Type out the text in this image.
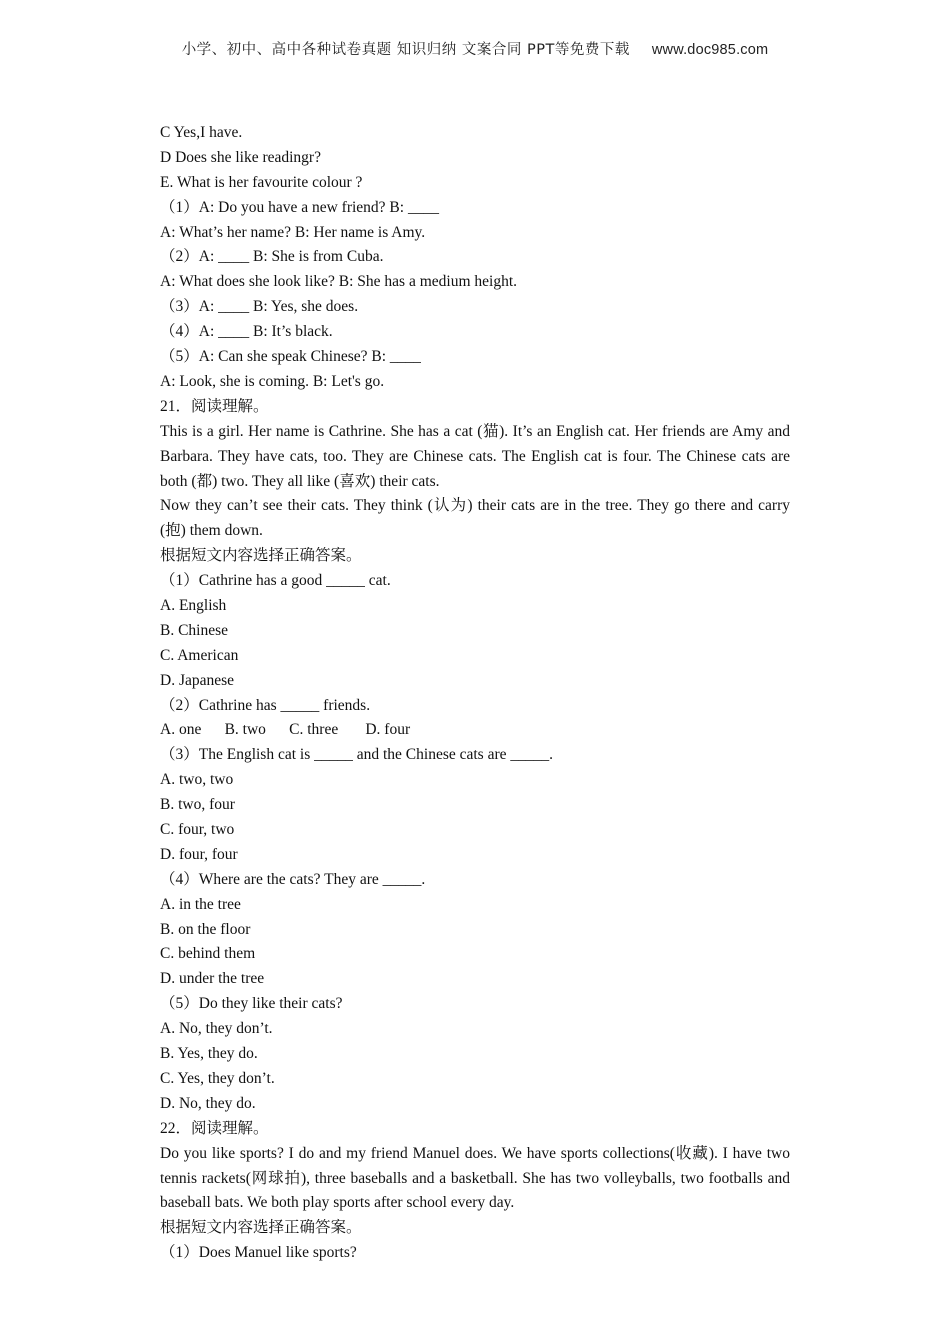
小学、初中、高中各种试卷真题 知识归纳 文案合同 PPT等免费下载 www.doc985.com
C Yes,I have.
D Does she like readingr?
E. What is her favourite colour ?
（1）A: Do you have a new friend? B: ____
A: What’s her name? B: Her name is Amy.
（2）A: ____ B: She is from Cuba.
A: What does she look like? B: She has a medium height.
（3）A: ____ B: Yes, she does.
（4）A: ____ B: It’s black.
（5）A: Can she speak Chinese? B: ____
A: Look, she is coming. B: Let's go.
21．阅读理解。
This is a girl. Her name is Cathrine. She has a cat (猫). It’s an English cat. Her friends are Amy and Barbara. They have cats, too. They are Chinese cats. The English cat is four. The Chinese cats are both (都) two. They all like (喜欢) their cats.
Now they can’t see their cats. They think (认为) their cats are in the tree. They go there and carry (抱) them down.
根据短文内容选择正确答案。
（1）Cathrine has a good _____ cat.
A. English
B. Chinese
C. American
D. Japanese
（2）Cathrine has _____ friends.
A. one      B. two      C. three       D. four
（3）The English cat is _____ and the Chinese cats are _____.
A. two, two
B. two, four
C. four, two
D. four, four
（4）Where are the cats? They are _____.
A. in the tree
B. on the floor
C. behind them
D. under the tree
（5）Do they like their cats?
A. No, they don’t.
B. Yes, they do.
C. Yes, they don’t.
D. No, they do.
22．阅读理解。
Do you like sports? I do and my friend Manuel does. We have sports collections(收藏). I have two tennis rackets(网球拍), three baseballs and a basketball. She has two volleyballs, two footballs and baseball bats. We both play sports after school every day.
根据短文内容选择正确答案。
（1）Does Manuel like sports?
